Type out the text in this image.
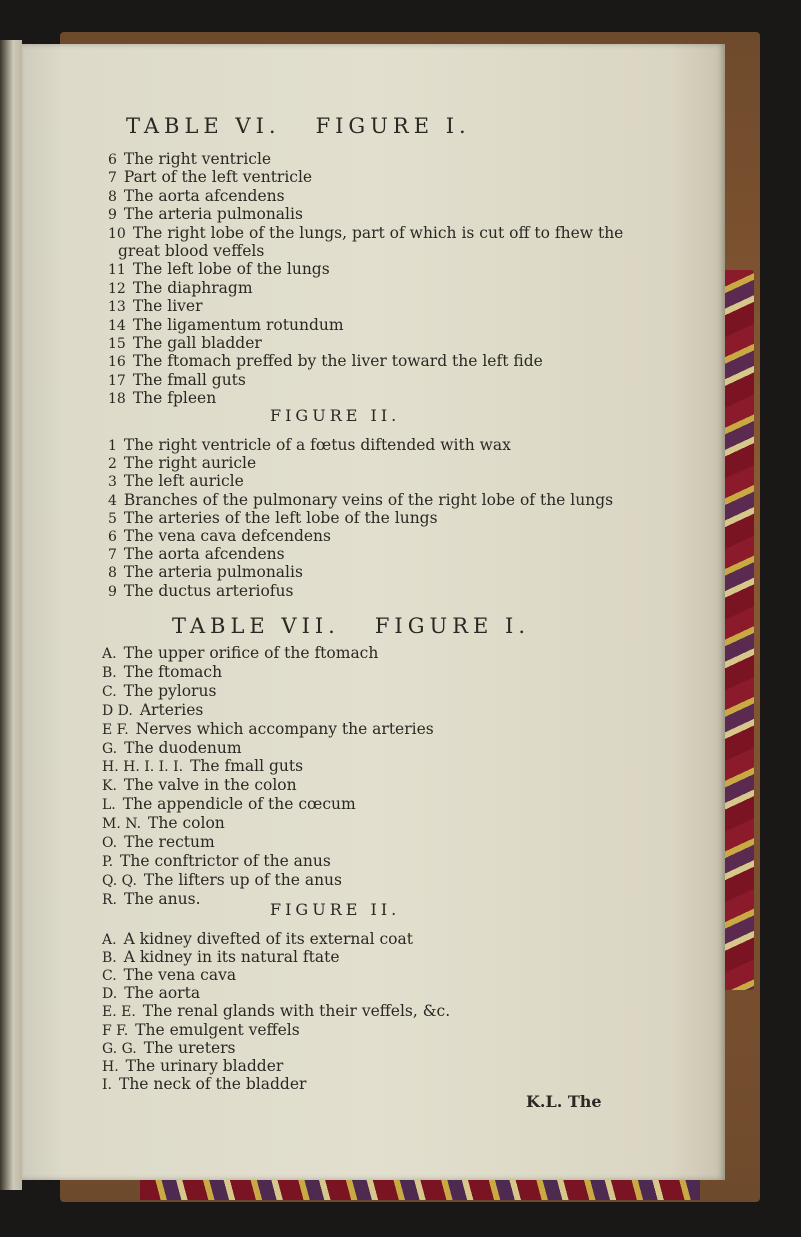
TABLE VI.   FIGURE I.
6 The right ventricle
7 Part of the left ventricle
8 The aorta afcendens
9 The arteria pulmonalis
10 The right lobe of the lungs, part of which is cut off to fhew the
great blood veffels
11 The left lobe of the lungs
12 The diaphragm
13 The liver
14 The ligamentum rotundum
15 The gall bladder
16 The ftomach preffed by the liver toward the left fide
17 The fmall guts
18 The fpleen
FIGURE II.
1 The right ventricle of a fœtus diftended with wax
2 The right auricle
3 The left auricle
4 Branches of the pulmonary veins of the right lobe of the lungs
5 The arteries of the left lobe of the lungs
6 The vena cava defcendens
7 The aorta afcendens
8 The arteria pulmonalis
9 The ductus arteriofus
TABLE VII.   FIGURE I.
A. The upper orifice of the ftomach
B. The ftomach
C. The pylorus
D D. Arteries
E F. Nerves which accompany the arteries
G. The duodenum
H. H. I. I. I. The fmall guts
K. The valve in the colon
L. The appendicle of the cœcum
M. N. The colon
O. The rectum
P. The conftrictor of the anus
Q. Q. The lifters up of the anus
R. The anus.
FIGURE II.
A. A kidney divefted of its external coat
B. A kidney in its natural ftate
C. The vena cava
D. The aorta
E. E. The renal glands with their veffels, &c.
F F. The emulgent veffels
G. G. The ureters
H. The urinary bladder
I. The neck of the bladder
K.L. The
